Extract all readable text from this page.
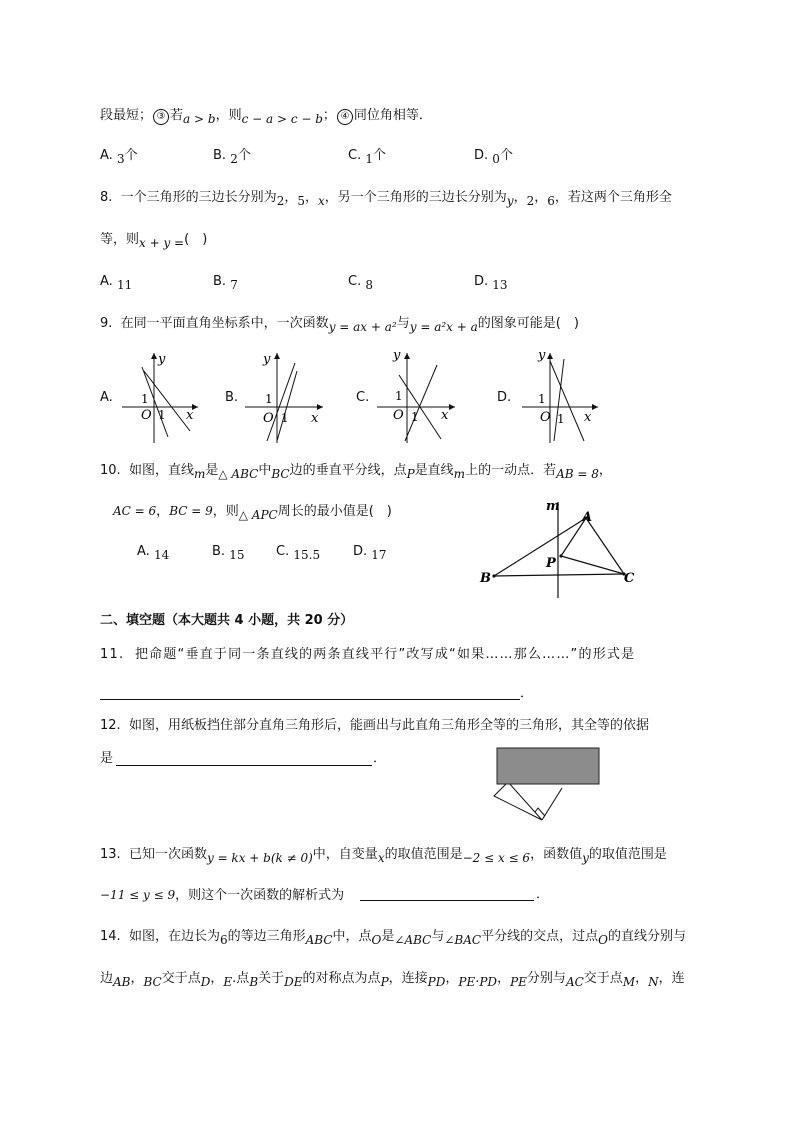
段最短； ③ 若a > b，则c − a > c − b； ④ 同位角相等．
A. 3个	B. 2个	C. 1个	D. 0个
8. 一个三角形的三边长分别为2，5，x，另一个三角形的三边长分别为y，2，6，若这两个三角形全
等，则x + y =(　)
A. 11	B. 7	C. 8	D. 13
9. 在同一平面直角坐标系中，一次函数y = ax + a²与y = a²x + a的图象可能是(　)
A.	B.	C.	D.
y
x
O 1
1
y
x
O 1
1
y
x
O 1
1
y
x
O 1
1
10. 如图，直线m是△ ABC中BC边的垂直平分线，点P是直线m上的一动点．若AB = 8，
AC = 6，BC = 9，则△ APC周长的最小值是(　)
A. 14	B. 15 C. 15.5	D. 17
m
A
B	C
P
二、填空题（本大题共 4 小题，共 20 分）
11. 把命题“垂直于同一条直线的两条直线平行”改写成“如果……那么……”的形式是
．
12. 如图，用纸板挡住部分直角三角形后，能画出与此直角三角形全等的三角形，其全等的依据
是	．
13. 已知一次函数y = kx + b(k ≠ 0)中，自变量x的取值范围是−2 ≤ x ≤ 6，函数值y的取值范围是
−11 ≤ y ≤ 9，则这个一次函数的解析式为	．
14. 如图，在边长为6的等边三角形ABC中，点O是∠ABC与∠BAC平分线的交点，过点O的直线分别与
边AB，BC交于点D，E.点B关于DE的对称点为点P，连接PD，PE.PD，PE分别与AC交于点M，N，连
